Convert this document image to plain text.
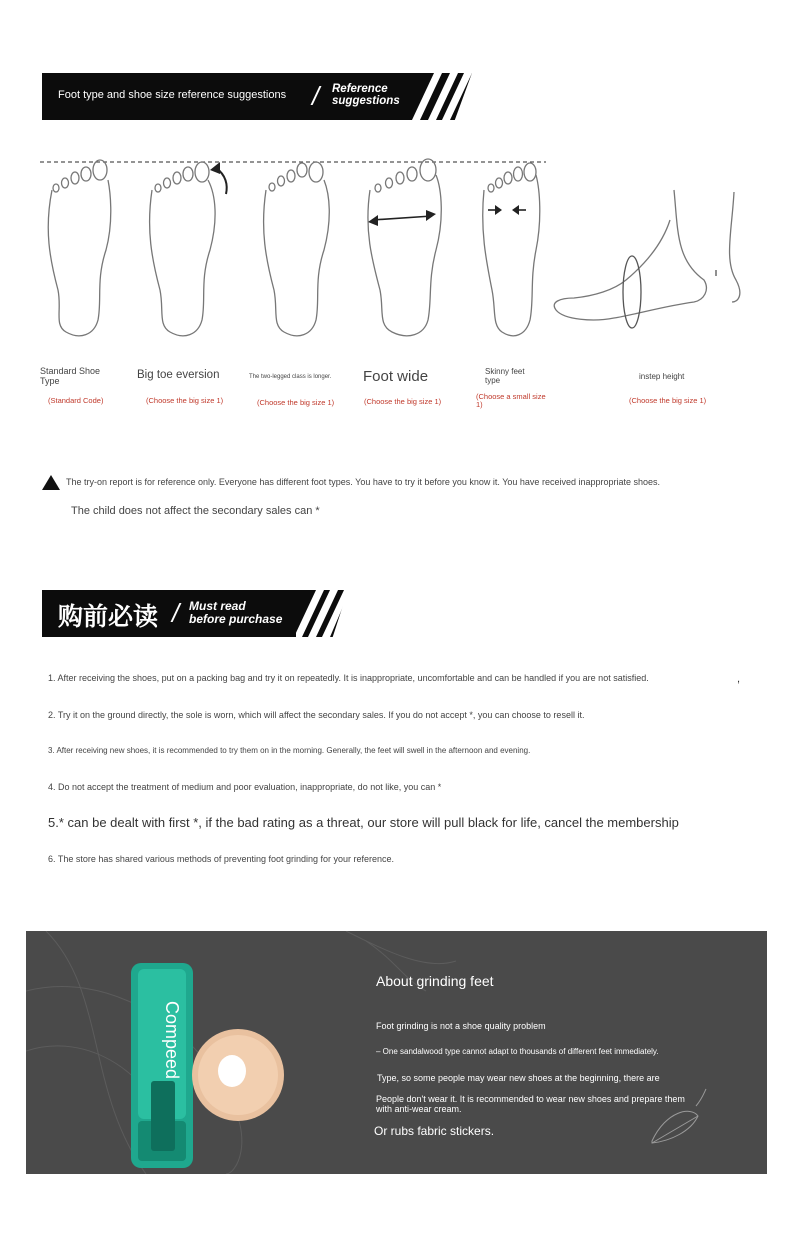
Foot type and shoe size reference suggestions / Reference
suggestions
Standard Shoe Type
(Standard Code)
Big toe eversion
(Choose the big size 1)
The two-legged class is longer.
(Choose the big size 1)
Foot wide
(Choose the big size 1)
Skinny feet type
(Choose a small size 1)
instep height
(Choose the big size 1)
The try-on report is for reference only. Everyone has different foot types. You have to try it before you know it. You have received inappropriate shoes.
The child does not affect the secondary sales can *
购前必读 / Must read
before purchase
1. After receiving the shoes, put on a packing bag and try it on repeatedly. It is inappropriate, uncomfortable and can be handled if you are not satisfied.	,
2. Try it on the ground directly, the sole is worn, which will affect the secondary sales. If you do not accept *, you can choose to resell it.
3. After receiving new shoes, it is recommended to try them on in the morning. Generally, the feet will swell in the afternoon and evening.
4. Do not accept the treatment of medium and poor evaluation, inappropriate, do not like, you can *
5.* can be dealt with first *, if the bad rating as a threat, our store will pull black for life, cancel the membership
6. The store has shared various methods of preventing foot grinding for your reference.
Compeed
About grinding feet
Foot grinding is not a shoe quality problem
– One sandalwood type cannot adapt to thousands of different feet immediately.
Type, so some people may wear new shoes at the beginning, there are
People don't wear it. It is recommended to wear new shoes and prepare them with anti-wear cream.
Or rubs fabric stickers.
